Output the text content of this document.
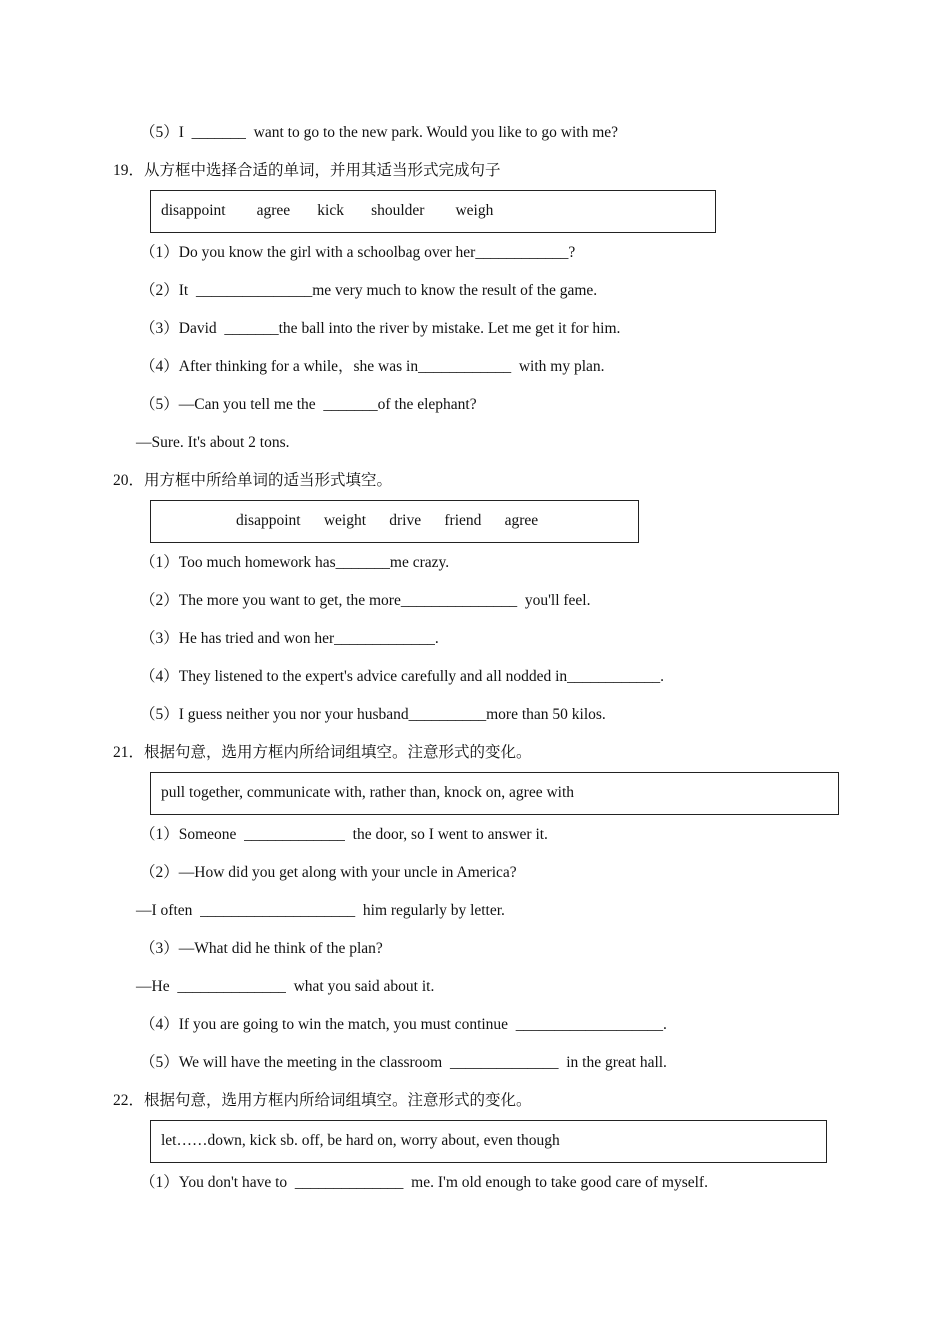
（5）I  _______  want to go to the new park. Would you like to go with me?
19．从方框中选择合适的单词，并用其适当形式完成句子
disappoint        agree       kick       shoulder        weigh
（1）Do you know the girl with a schoolbag over her____________?
（2）It  _______________me very much to know the result of the game.
（3）David  _______the ball into the river by mistake. Let me get it for him.
（4）After thinking for a while，she was in____________  with my plan.
（5）—Can you tell me the  _______of the elephant?
—Sure. It's about 2 tons.
20．用方框中所给单词的适当形式填空。
disappoint      weight      drive      friend      agree
（1）Too much homework has_______me crazy.
（2）The more you want to get, the more_______________  you'll feel.
（3）He has tried and won her_____________.
（4）They listened to the expert's advice carefully and all nodded in____________.
（5）I guess neither you nor your husband__________more than 50 kilos.
21．根据句意，选用方框内所给词组填空。注意形式的变化。
pull together, communicate with, rather than, knock on, agree with
（1）Someone  _____________  the door, so I went to answer it.
（2）—How did you get along with your uncle in America?
—I often  ____________________  him regularly by letter.
（3）—What did he think of the plan?
—He  ______________  what you said about it.
（4）If you are going to win the match, you must continue  ___________________.
（5）We will have the meeting in the classroom  ______________  in the great hall.
22．根据句意，选用方框内所给词组填空。注意形式的变化。
let……down, kick sb. off, be hard on, worry about, even though
（1）You don't have to  ______________  me. I'm old enough to take good care of myself.
